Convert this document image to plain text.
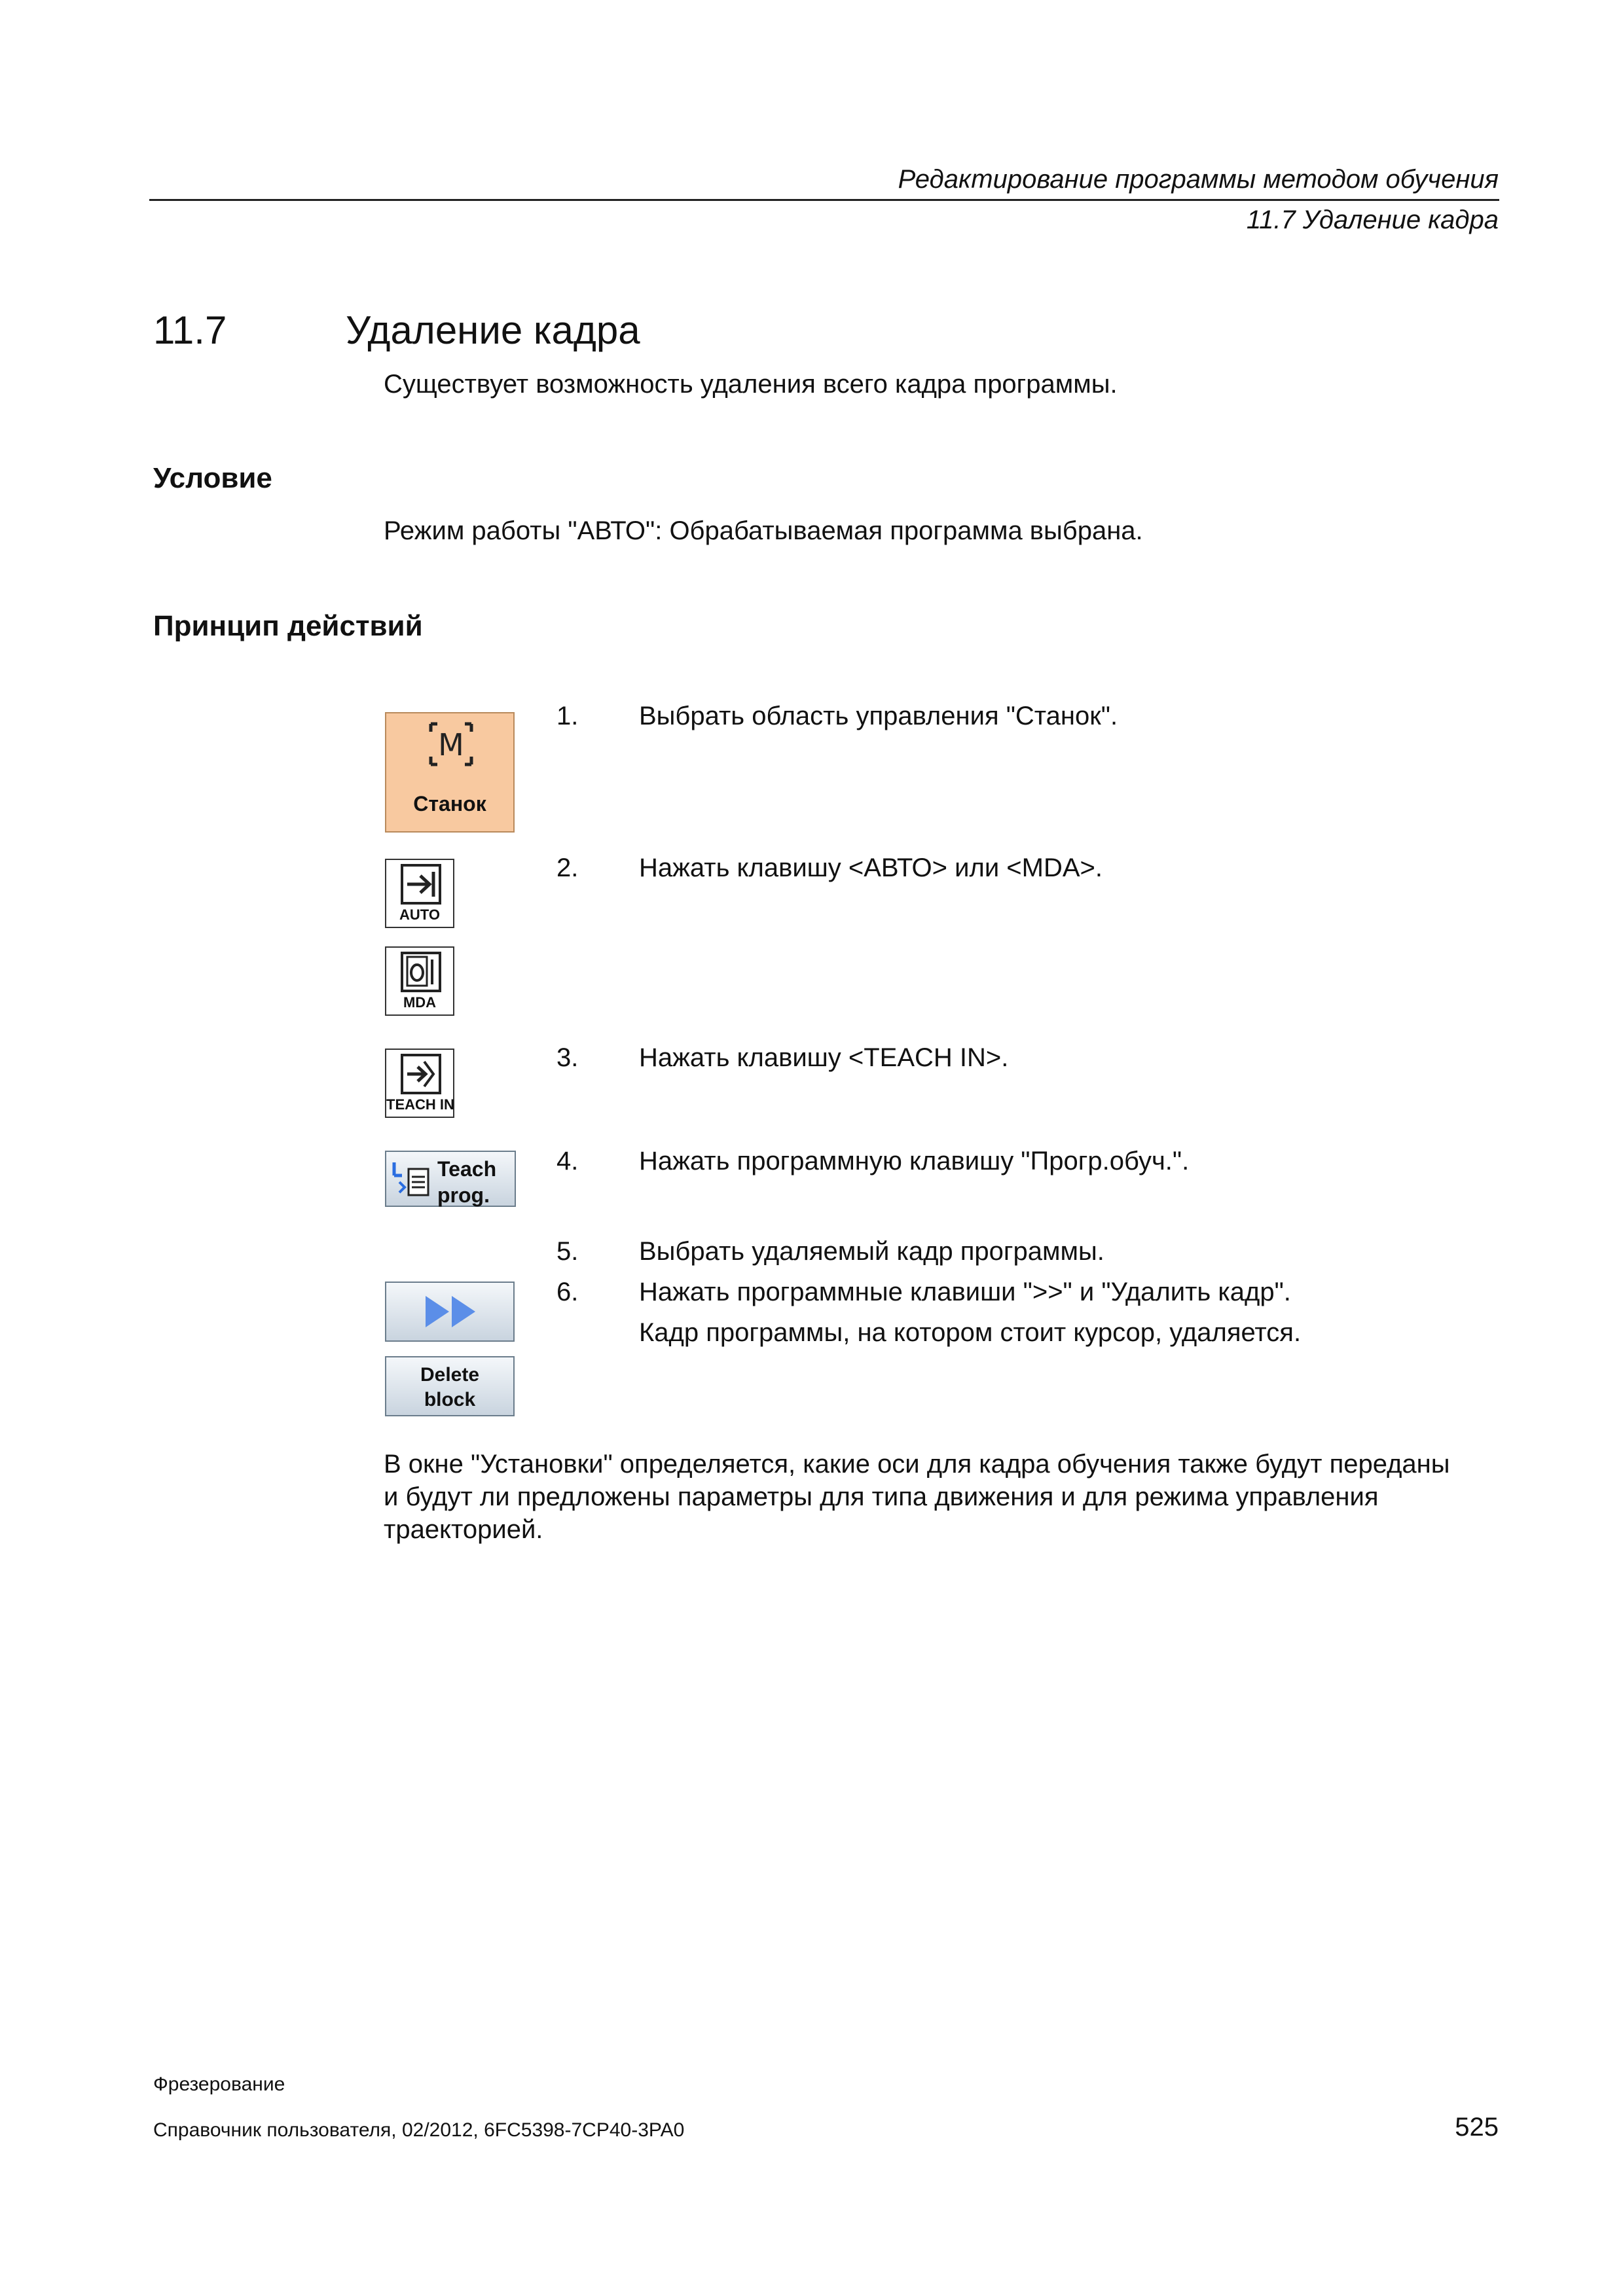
Редактирование программы методом обучения
11.7 Удаление кадра
11.7	Удаление кадра
Существует возможность удаления всего кадра программы.
Условие
Режим работы "АВТО": Обрабатываемая программа выбрана.
Принцип действий
M
Станок
AUTO
MDA
TEACH IN
Teach
prog.
Delete
block
1. Выбрать область управления "Станок".
2. Нажать клавишу <АВТО> или <MDA>.
3. Нажать клавишу <TEACH IN>.
4. Нажать программную клавишу "Прогр.обуч.".
5. Выбрать удаляемый кадр программы.
6. Нажать программные клавиши ">>" и "Удалить кадр".
Кадр программы, на котором стоит курсор, удаляется.
В окне "Установки" определяется, какие оси для кадра обучения также будут переданы
и будут ли предложены параметры для типа движения и для режима управления
траекторией.
Фрезерование
Справочник пользователя, 02/2012, 6FC5398-7CP40-3PA0	525
